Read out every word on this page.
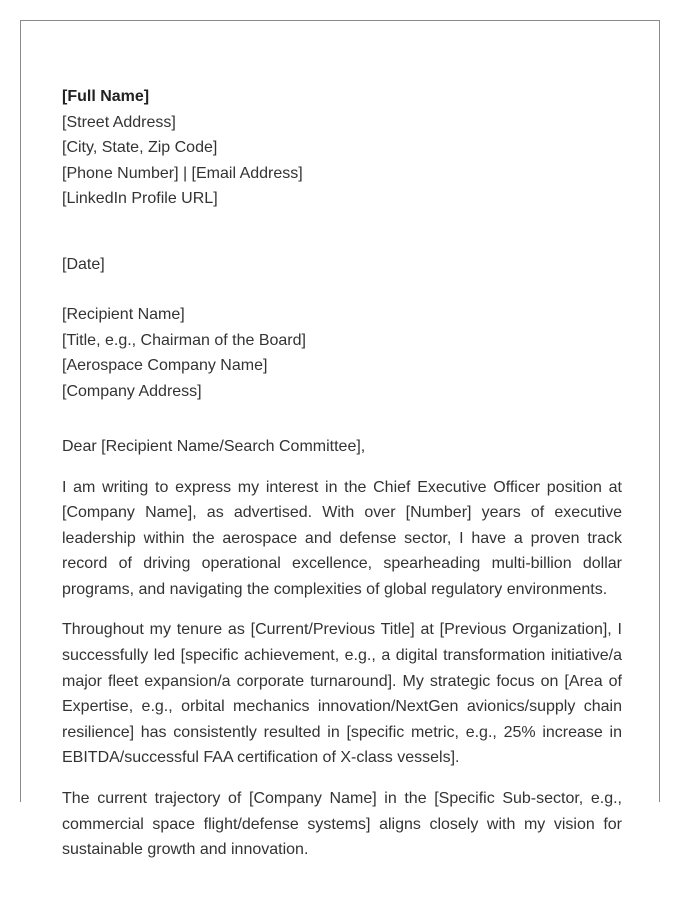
[Full Name]
[Street Address]
[City, State, Zip Code]
[Phone Number] | [Email Address]
[LinkedIn Profile URL]
[Date]
[Recipient Name]
[Title, e.g., Chairman of the Board]
[Aerospace Company Name]
[Company Address]
Dear [Recipient Name/Search Committee],

I am writing to express my interest in the Chief Executive Officer position at [Company Name], as advertised. With over [Number] years of executive leadership within the aerospace and defense sector, I have a proven track record of driving operational excellence, spearheading multi-billion dollar programs, and navigating the complexities of global regulatory environments.

Throughout my tenure as [Current/Previous Title] at [Previous Organization], I successfully led [specific achievement, e.g., a digital transformation initiative/a major fleet expansion/a corporate turnaround]. My strategic focus on [Area of Expertise, e.g., orbital mechanics innovation/NextGen avionics/supply chain resilience] has consistently resulted in [specific metric, e.g., 25% increase in EBITDA/successful FAA certification of X-class vessels].

The current trajectory of [Company Name] in the [Specific Sub-sector, e.g., commercial space flight/defense systems] aligns closely with my vision for sustainable growth and innovation.
